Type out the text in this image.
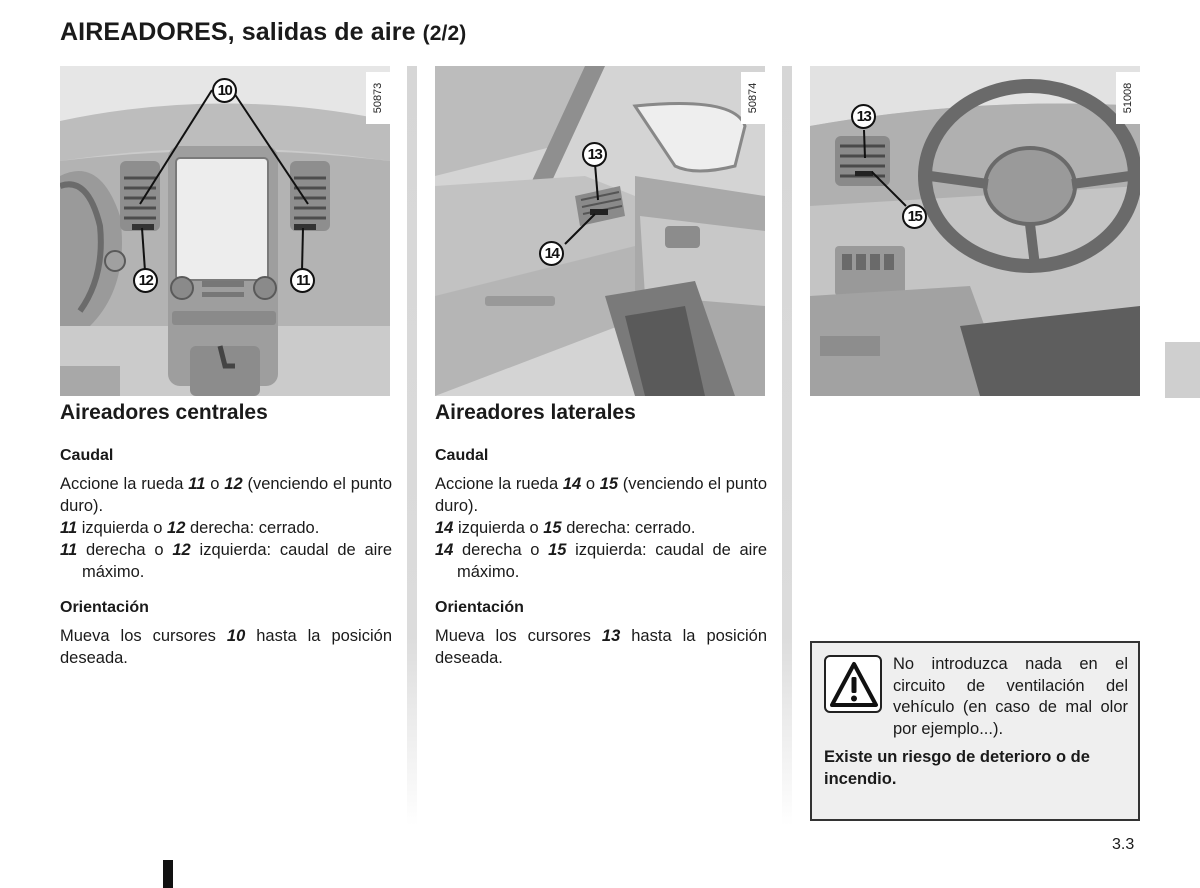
AIREADORES, salidas de aire (2/2)
50873
10
12	11
50874
13
14
51008
13
15
Aireadores centrales
Caudal
Accione la rueda 11 o 12 (venciendo el punto duro).
11 izquierda o 12 derecha: cerrado.
11 derecha o 12 izquierda: caudal de aire máximo.
Orientación
Mueva los cursores 10 hasta la posición deseada.
Aireadores laterales
Caudal
Accione la rueda 14 o 15 (venciendo el punto duro).
14 izquierda o 15 derecha: cerrado.
14 derecha o 15 izquierda: caudal de aire máximo.
Orientación
Mueva los cursores 13 hasta la posición deseada.	No introduzca nada en el circuito de ventilación del vehículo (en caso de mal olor por ejemplo...).
Existe un riesgo de deterioro o de incendio.
3.3
